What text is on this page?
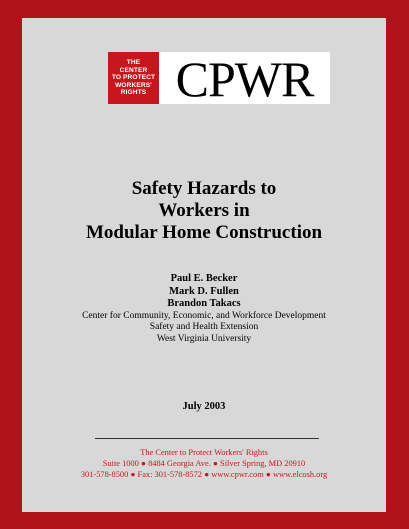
THE
CENTER
TO PROTECT
WORKERS'
RIGHTS CPWR
Safety Hazards to
Workers in
Modular Home Construction
Paul E. Becker
Mark D. Fullen
Brandon Takacs
Center for Community, Economic, and Workforce Development
Safety and Health Extension
West Virginia University
July 2003
The Center to Protect Workers' Rights
Suite 1000 ● 8484 Georgia Ave. ● Silver Spring, MD 20910
301-578-8500 ● Fax: 301-578-8572 ● www.cpwr.com ● www.elcosh.org
